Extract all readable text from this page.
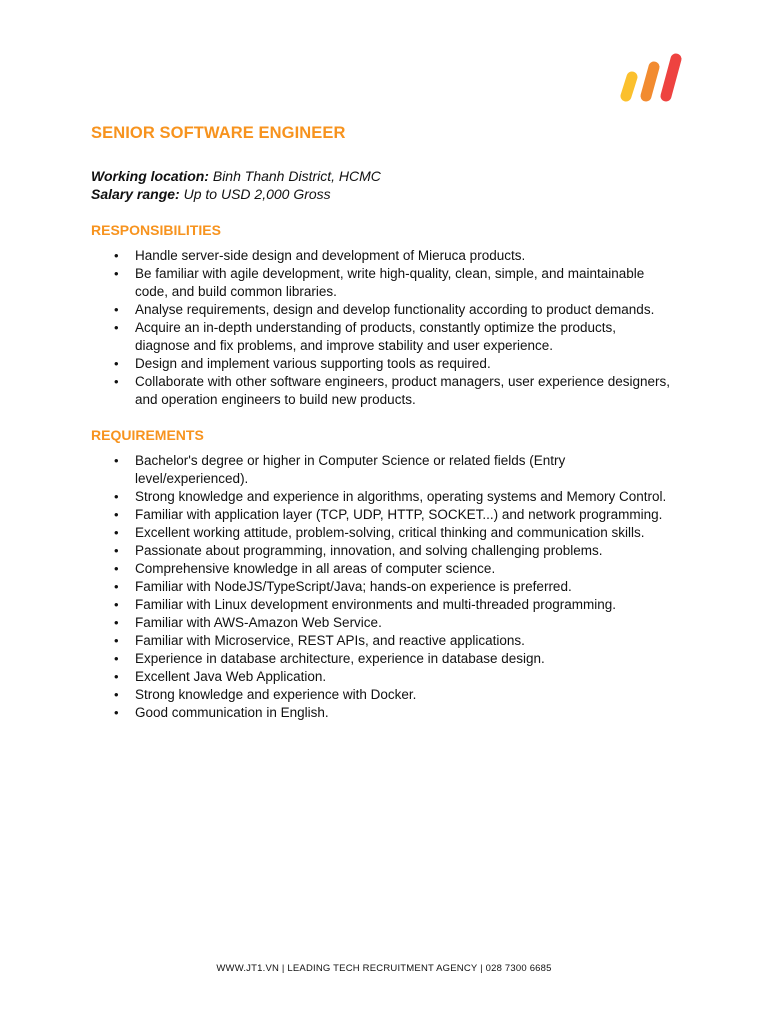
SENIOR SOFTWARE ENGINEER
Working location: Binh Thanh District, HCMC
Salary range: Up to USD 2,000 Gross
RESPONSIBILITIES
• Handle server-side design and development of Mieruca products.
• Be familiar with agile development, write high-quality, clean, simple, and maintainable code, and build common libraries.
• Analyse requirements, design and develop functionality according to product demands.
• Acquire an in-depth understanding of products, constantly optimize the products, diagnose and fix problems, and improve stability and user experience.
• Design and implement various supporting tools as required.
• Collaborate with other software engineers, product managers, user experience designers, and operation engineers to build new products.
REQUIREMENTS
• Bachelor's degree or higher in Computer Science or related fields (Entry level/experienced).
• Strong knowledge and experience in algorithms, operating systems and Memory Control.
• Familiar with application layer (TCP, UDP, HTTP, SOCKET...) and network programming.
• Excellent working attitude, problem-solving, critical thinking and communication skills.
• Passionate about programming, innovation, and solving challenging problems.
• Comprehensive knowledge in all areas of computer science.
• Familiar with NodeJS/TypeScript/Java; hands-on experience is preferred.
• Familiar with Linux development environments and multi-threaded programming.
• Familiar with AWS-Amazon Web Service.
• Familiar with Microservice, REST APIs, and reactive applications.
• Experience in database architecture, experience in database design.
• Excellent Java Web Application.
• Strong knowledge and experience with Docker.
• Good communication in English.
WWW.JT1.VN | LEADING TECH RECRUITMENT AGENCY | 028 7300 6685
